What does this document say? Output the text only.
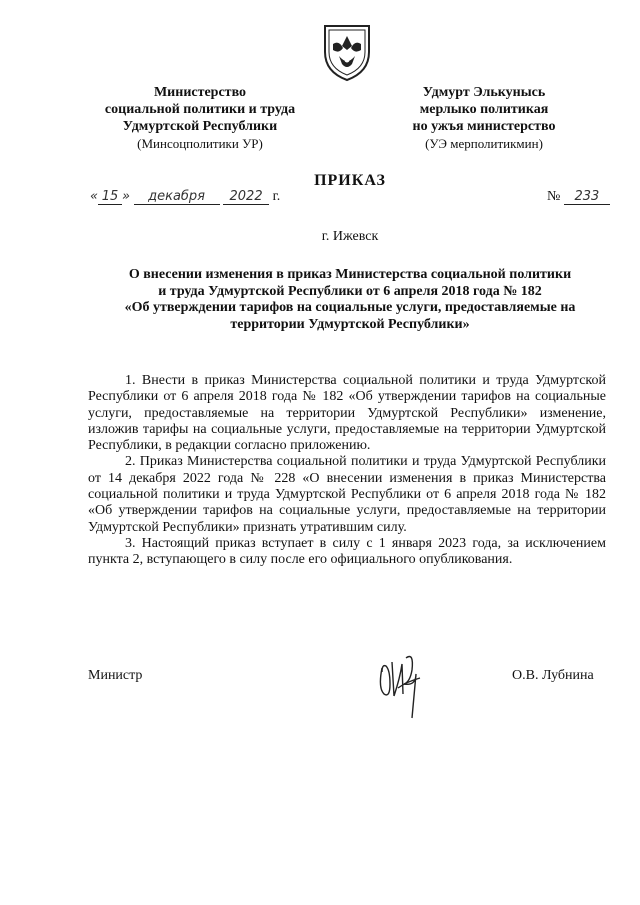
Министерство
социальной политики и труда
Удмуртской Республики
(Минсоцполитики УР)
Удмурт Элькунысь
мерлыко политикая
но ужъя министерство
(УЭ мерполитикмин)
ПРИКАЗ
« 15 » декабря 2022 г.	№ 233
г. Ижевск
О внесении изменения в приказ Министерства социальной политики
и труда Удмуртской Республики от 6 апреля 2018 года № 182
«Об утверждении тарифов на социальные услуги, предоставляемые на
территории Удмуртской Республики»

1. Внести в приказ Министерства социальной политики и труда Удмуртской Республики от 6 апреля 2018 года № 182 «Об утверждении тарифов на социальные услуги, предоставляемые на территории Удмуртской Республики» изменение, изложив тарифы на социальные услуги, предоставляемые на территории Удмуртской Республики, в редакции согласно приложению.

2. Приказ Министерства социальной политики и труда Удмуртской Республики от 14 декабря 2022 года № 228 «О внесении изменения в приказ Министерства социальной политики и труда Удмуртской Республики от 6 апреля 2018 года № 182 «Об утверждении тарифов на социальные услуги, предоставляемые на территории Удмуртской Республики» признать утратившим силу.

3. Настоящий приказ вступает в силу с 1 января 2023 года, за исключением пункта 2, вступающего в силу после его официального опубликования.

Министр	О.В. Лубнина
